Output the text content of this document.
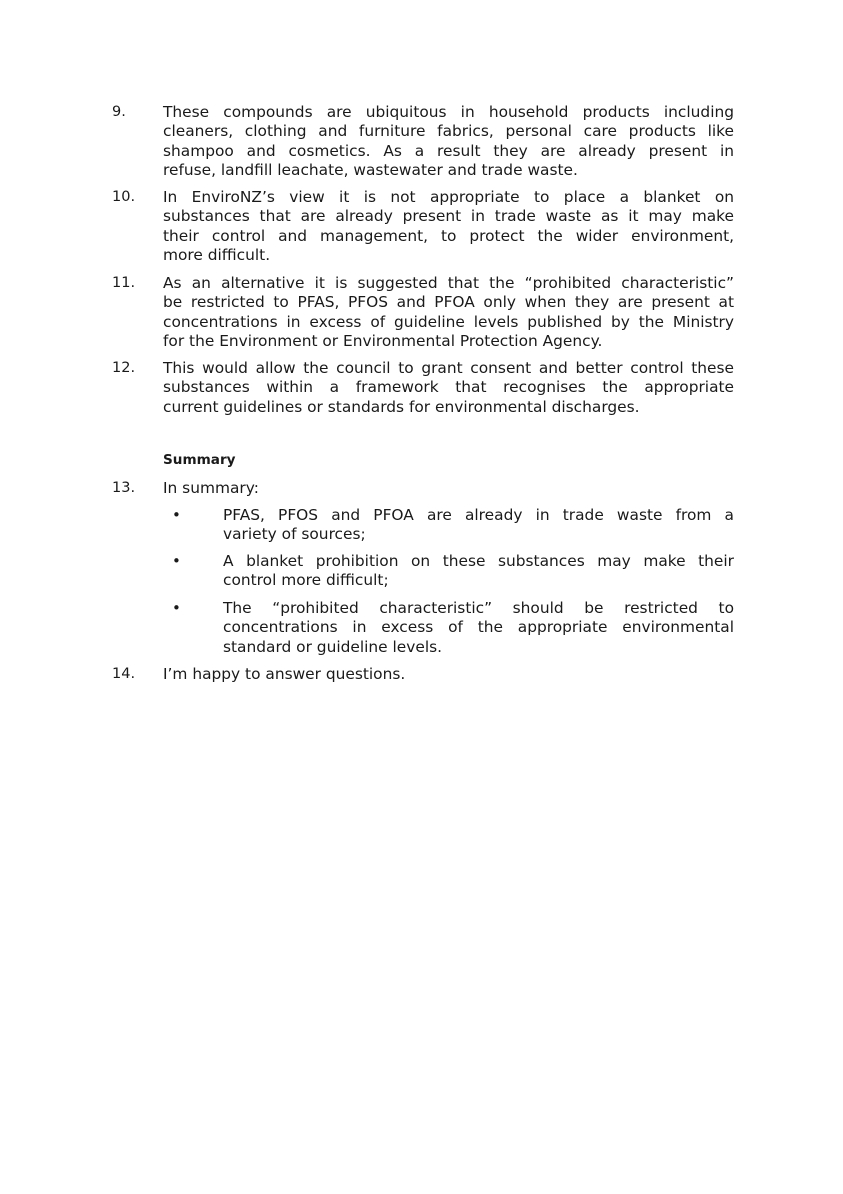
9.	These compounds are ubiquitous in household products including
cleaners, clothing and furniture fabrics, personal care products like
shampoo and cosmetics. As a result they are already present in
refuse, landfill leachate, wastewater and trade waste.
10.	In EnviroNZ’s view it is not appropriate to place a blanket on
substances that are already present in trade waste as it may make
their control and management, to protect the wider environment,
more difficult.
11.	As an alternative it is suggested that the “prohibited characteristic”
be restricted to PFAS, PFOS and PFOA only when they are present at
concentrations in excess of guideline levels published by the Ministry
for the Environment or Environmental Protection Agency.
12.	This would allow the council to grant consent and better control these
substances within a framework that recognises the appropriate
current guidelines or standards for environmental discharges.
Summary
13.	In summary:
•	PFAS, PFOS and PFOA are already in trade waste from a
variety of sources;
•	A blanket prohibition on these substances may make their
control more difficult;
•	The “prohibited characteristic” should be restricted to
concentrations in excess of the appropriate environmental
standard or guideline levels.
14.	I’m happy to answer questions.
